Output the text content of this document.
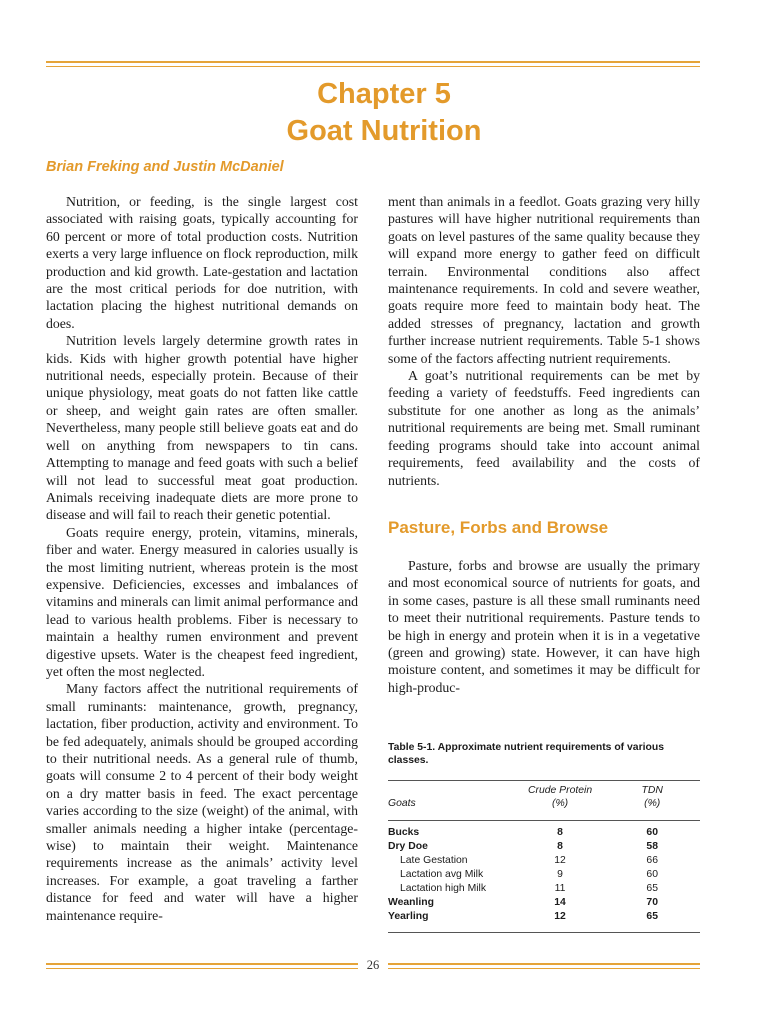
Chapter 5
Goat Nutrition
Brian Freking and Justin McDaniel

Nutrition, or feeding, is the single largest cost associated with raising goats, typically accounting for 60 percent or more of total production costs. Nutrition exerts a very large influence on flock reproduction, milk production and kid growth. Late-gestation and lactation are the most critical periods for doe nutrition, with lactation placing the highest nutritional demands on does.

Nutrition levels largely determine growth rates in kids. Kids with higher growth potential have higher nutritional needs, especially protein. Because of their unique physiology, meat goats do not fatten like cattle or sheep, and weight gain rates are often smaller. Nevertheless, many people still believe goats eat and do well on anything from newspapers to tin cans. Attempting to manage and feed goats with such a belief will not lead to successful meat goat production. Animals receiving inadequate diets are more prone to disease and will fail to reach their genetic potential.

Goats require energy, protein, vitamins, minerals, fiber and water. Energy measured in calories usually is the most limiting nutrient, whereas protein is the most expensive. Deficiencies, excesses and imbalances of vitamins and minerals can limit animal performance and lead to various health problems. Fiber is necessary to maintain a healthy rumen environment and prevent digestive upsets. Water is the cheapest feed ingredient, yet often the most neglected.

Many factors affect the nutritional requirements of small ruminants: maintenance, growth, pregnancy, lactation, fiber production, activity and environment. To be fed adequately, animals should be grouped according to their nutritional needs. As a general rule of thumb, goats will consume 2 to 4 percent of their body weight on a dry matter basis in feed. The exact percentage varies according to the size (weight) of the animal, with smaller animals needing a higher intake (percentage-wise) to maintain their weight. Maintenance requirements increase as the animals’ activity level increases. For example, a goat traveling a farther distance for feed and water will have a higher maintenance require-

ment than animals in a feedlot. Goats grazing very hilly pastures will have higher nutritional requirements than goats on level pastures of the same quality because they will expand more energy to gather feed on difficult terrain. Environmental conditions also affect maintenance requirements. In cold and severe weather, goats require more feed to maintain body heat. The added stresses of pregnancy, lactation and growth further increase nutrient requirements. Table 5-1 shows some of the factors affecting nutrient requirements.

A goat’s nutritional requirements can be met by feeding a variety of feedstuffs. Feed ingredients can substitute for one another as long as the animals’ nutritional requirements are being met. Small ruminant feeding programs should take into account animal requirements, feed availability and the costs of nutrients.

Pasture, Forbs and Browse

Pasture, forbs and browse are usually the primary and most economical source of nutrients for goats, and in some cases, pasture is all these small ruminants need to meet their nutritional requirements. Pasture tends to be high in energy and protein when it is in a vegetative (green and growing) state. However, it can have high moisture content, and sometimes it may be difficult for high-produc-

Table 5-1. Approximate nutrient requirements of various classes.
	Crude Protein	TDN
Goats	(%)	(%)
Bucks	8	60
Dry Doe	8	58
Late Gestation	12	66
Lactation avg Milk	9	60
Lactation high Milk	11	65
Weanling	14	70
Yearling	12	65
26
